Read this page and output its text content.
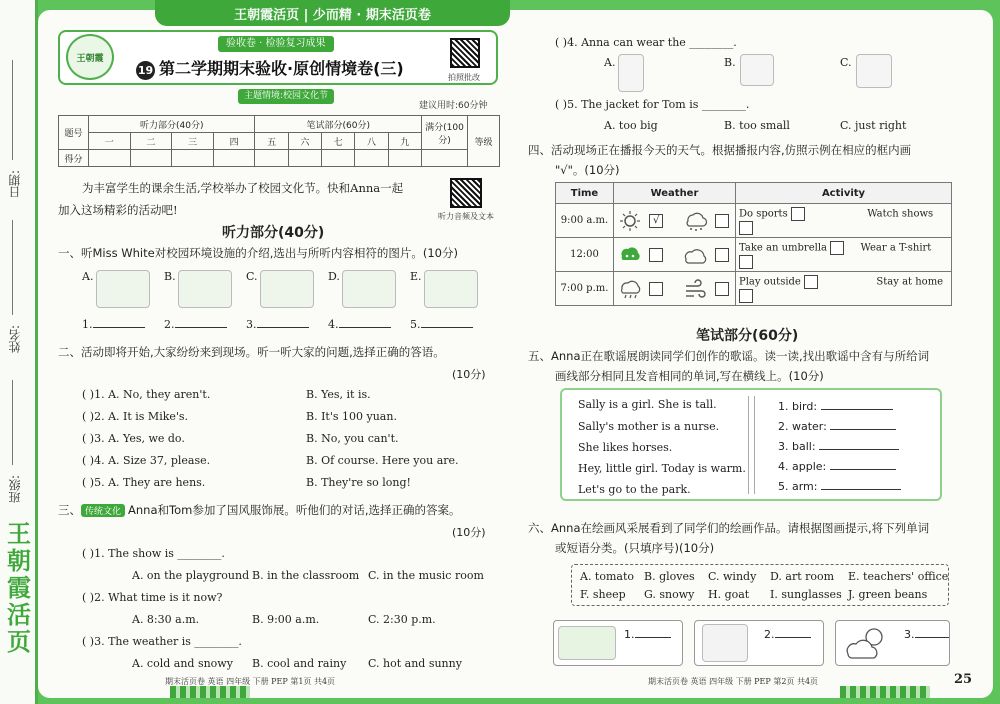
日期:
姓名:
班级:
王朝霞活页
王朝霞活页 | 少而精 · 期末活页卷
王朝霞
验收卷 · 检验复习成果
19 第二学期期末验收·原创情境卷(三)	拍照批改
主题情境:校园文化节
建议用时:60分钟
题号	听力部分(40分)				笔试部分(60分)					满分(100分)	等级
	一	二	三	四	五	六	七	八	九		
得分											
为丰富学生的课余生活,学校举办了校园文化节。快和Anna一起
加入这场精彩的活动吧!	听力音频及文本
听力部分(40分)
一、听Miss White对校园环境设施的介绍,选出与所听内容相符的图片。(10分)
A.	B.	C.	D.	E.
1.	2.	3.	4.	5.
二、活动即将开始,大家纷纷来到现场。听一听大家的问题,选择正确的答语。
(10分)
( )1. A. No, they aren't.	B. Yes, it is.
( )2. A. It is Mike's.	B. It's 100 yuan.
( )3. A. Yes, we do.	B. No, you can't.
( )4. A. Size 37, please.	B. Of course. Here you are.
( )5. A. They are hens.	B. They're so long!
三、 传统文化 Anna和Tom参加了国风服饰展。听他们的对话,选择正确的答案。
(10分)
( )1. The show is ________.
A. on the playground B. in the classroom C. in the music room
( )2. What time is it now?
A. 8:30 a.m.	B. 9:00 a.m.	C. 2:30 p.m.
( )3. The weather is ________.
A. cold and snowy B. cool and rainy C. hot and sunny
期末活页卷 英语 四年级 下册 PEP 第1页 共4页
( )4. Anna can wear the ________.
A.	B.	C.
( )5. The jacket for Tom is ________.
A. too big	B. too small	C. just right
四、活动现场正在播报今天的天气。根据播报内容,仿照示例在相应的框内画
"√"。(10分)
Time	Weather	Activity
9:00 a.m.	√	Do sports Watch shows
12:00		Take an umbrella Wear a T-shirt
7:00 p.m.		Play outside Stay at home
笔试部分(60分)
五、Anna正在歌谣展朗读同学们创作的歌谣。读一读,找出歌谣中含有与所给词
画线部分相同且发音相同的单词,写在横线上。(10分)
Sally is a girl. She is tall.
Sally's mother is a nurse.
She likes horses.
Hey, little girl. Today is warm.
Let's go to the park.
1. bird:
2. water:
3. ball:
4. apple:
5. arm:
六、Anna在绘画风采展看到了同学们的绘画作品。请根据图画提示,将下列单词
或短语分类。(只填序号)(10分)
A. tomato B. gloves C. windy D. art room E. teachers' office
F. sheep G. snowy H. goat I. sunglasses J. green beans
1.	2.	3.
期末活页卷 英语 四年级 下册 PEP 第2页 共4页	25
